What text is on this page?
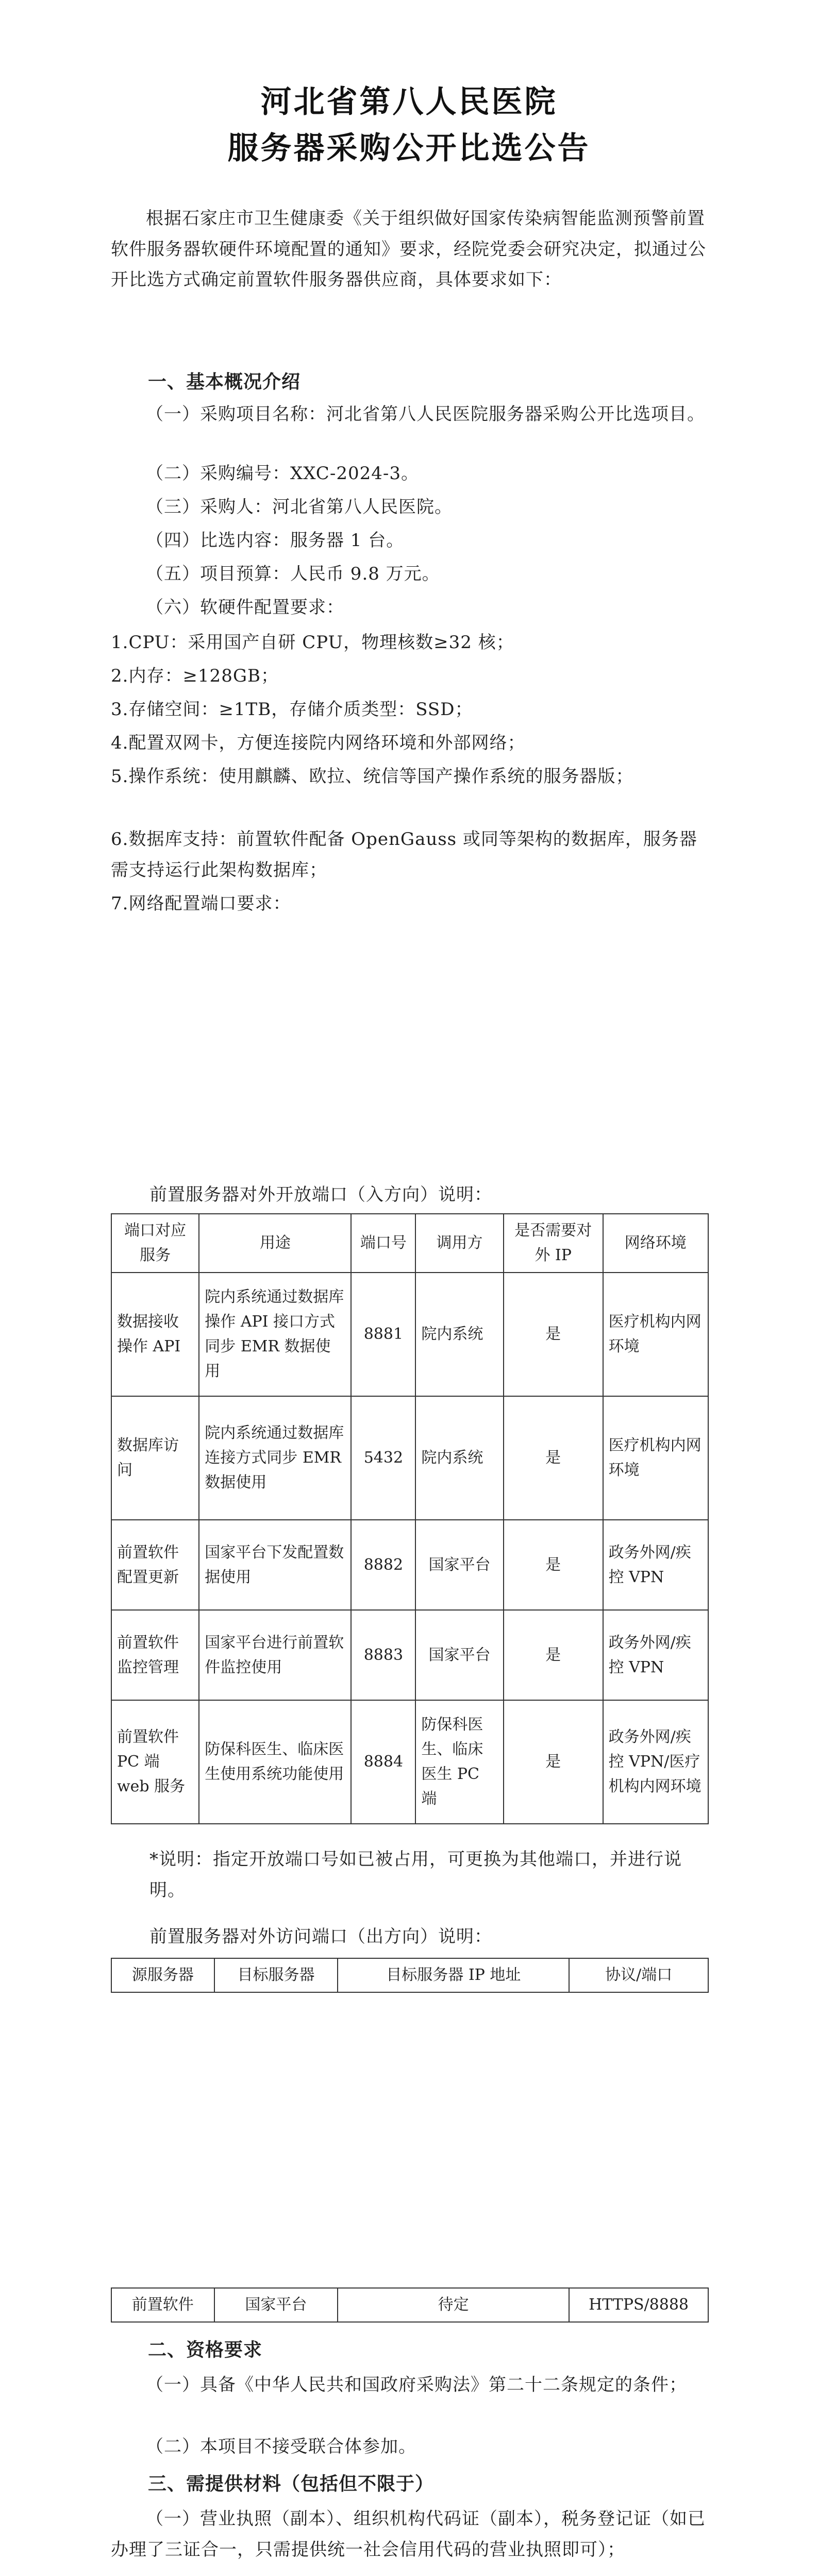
河北省第八人民医院
服务器采购公开比选公告
根据石家庄市卫生健康委《关于组织做好国家传染病智能监测预警前置软件服务器软硬件环境配置的通知》要求，经院党委会研究决定，拟通过公开比选方式确定前置软件服务器供应商，具体要求如下：
一、基本概况介绍
（一）采购项目名称：河北省第八人民医院服务器采购公开比选项目。
（二）采购编号：XXC-2024-3。
（三）采购人：河北省第八人民医院。
（四）比选内容：服务器 1 台。
（五）项目预算：人民币 9.8 万元。
（六）软硬件配置要求：
1.CPU：采用国产自研 CPU，物理核数≥32 核；
2.内存：≥128GB；
3.存储空间：≥1TB，存储介质类型：SSD；
4.配置双网卡，方便连接院内网络环境和外部网络；
5.操作系统：使用麒麟、欧拉、统信等国产操作系统的服务器版；
6.数据库支持：前置软件配备 OpenGauss 或同等架构的数据库，服务器需支持运行此架构数据库；
7.网络配置端口要求：
前置服务器对外开放端口（入方向）说明：
端口对应服务	用途	端口号	调用方	是否需要对外 IP	网络环境
数据接收操作 API	院内系统通过数据库操作 API 接口方式同步 EMR 数据使用	8881	院内系统	是	医疗机构内网环境
数据库访问	院内系统通过数据库连接方式同步 EMR 数据使用	5432	院内系统	是	医疗机构内网环境
前置软件配置更新	国家平台下发配置数据使用	8882	国家平台	是	政务外网/疾控 VPN
前置软件监控管理	国家平台进行前置软件监控使用	8883	国家平台	是	政务外网/疾控 VPN
前置软件 PC 端 web 服务	防保科医生、临床医生使用系统功能使用	8884	防保科医生、临床医生 PC 端	是	政务外网/疾控 VPN/医疗机构内网环境
*说明：指定开放端口号如已被占用，可更换为其他端口，并进行说明。
前置服务器对外访问端口（出方向）说明：
源服务器	目标服务器	目标服务器 IP 地址	协议/端口
前置软件	国家平台	待定	HTTPS/8888
二、资格要求
（一）具备《中华人民共和国政府采购法》第二十二条规定的条件；
（二）本项目不接受联合体参加。
三、需提供材料（包括但不限于）
（一）营业执照（副本）、组织机构代码证（副本），税务登记证（如已办理了三证合一，只需提供统一社会信用代码的营业执照即可）；
